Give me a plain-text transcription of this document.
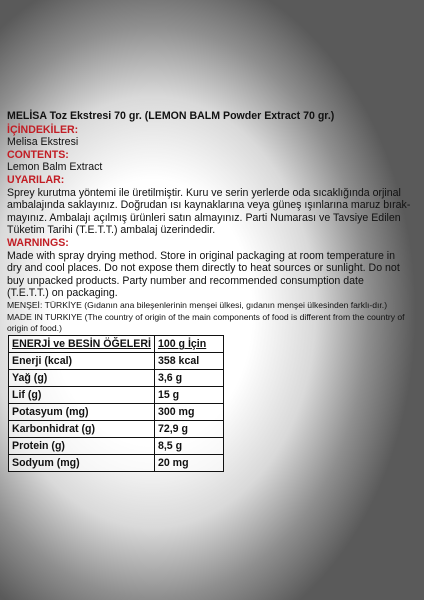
MELİSA Toz Ekstresi 70 gr. (LEMON BALM Powder Extract 70 gr.)
İÇİNDEKİLER:
Melisa Ekstresi
CONTENTS:
Lemon Balm Extract
UYARILAR:
Sprey kurutma yöntemi ile üretilmiştir. Kuru ve serin yerlerde oda sıcaklığında orjinal
ambalajında saklayınız. Doğrudan ısı kaynaklarına veya güneş ışınlarına maruz bırak-
mayınız. Ambalajı açılmış ürünleri satın almayınız. Parti Numarası ve Tavsiye Edilen
Tüketim Tarihi (T.E.T.T.) ambalaj üzerindedir.
WARNINGS:
Made with spray drying method. Store in original packaging at room temperature in
dry and cool places. Do not expose them directly to heat sources or sunlight. Do not
buy unpacked products. Party number and recommended consumption date
(T.E.T.T.) on packaging.
MENŞEİ: TÜRKİYE (Gıdanın ana bileşenlerinin menşei ülkesi, gıdanın menşei ülkesinden farklı-dır.)
MADE IN TURKIYE (The country of origin of the main components of food is different from the country of origin of food.)
ENERJİ ve BESİN ÖĞELERİ	100 g İçin
Enerji (kcal)	358 kcal
Yağ (g)	3,6 g
Lif (g)	15 g
Potasyum (mg)	300 mg
Karbonhidrat (g)	72,9 g
Protein (g)	8,5 g
Sodyum (mg)	20 mg
